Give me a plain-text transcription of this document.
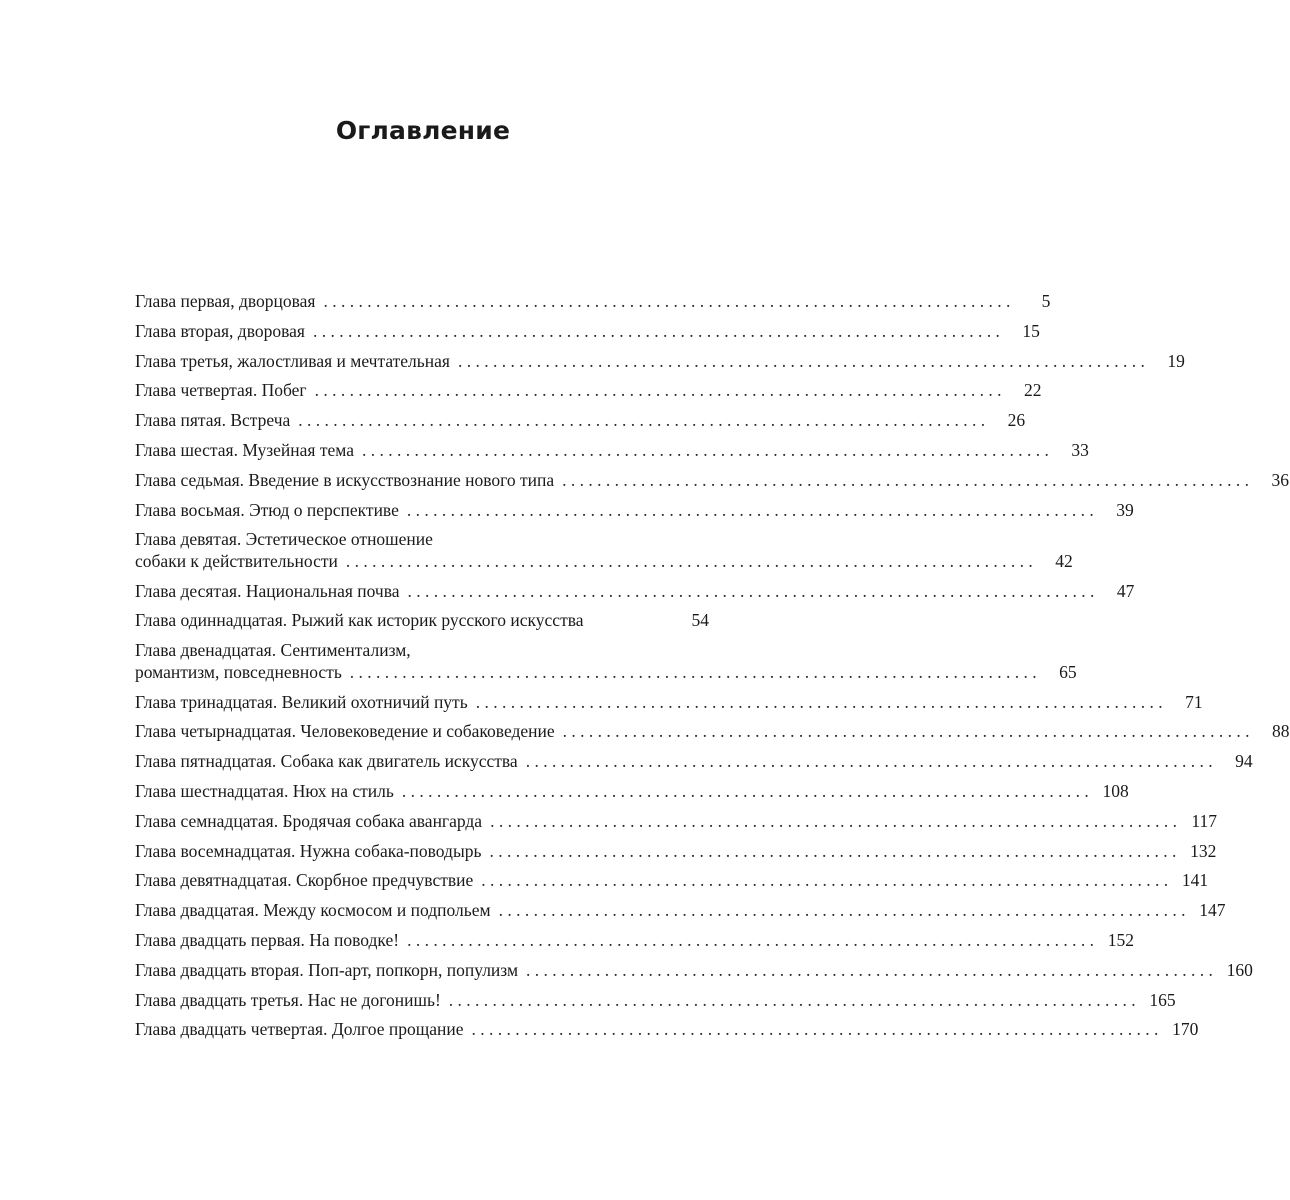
Оглавление
Глава первая, дворцовая . . .	5
Глава вторая, дворовая . . .	15
Глава третья, жалостливая и мечтательная . . .	19
Глава четвертая. Побег . . .	22
Глава пятая. Встреча . . .	26
Глава шестая. Музейная тема . . .	33
Глава седьмая. Введение в искусствознание нового типа . . .	36
Глава восьмая. Этюд о перспективе . . .	39
Глава девятая. Эстетическое отношение
собаки к действительности . . .	42
Глава десятая. Национальная почва . . .	47
Глава одиннадцатая. Рыжий как историк русского искусства	54
Глава двенадцатая. Сентиментализм,
романтизм, повседневность . . .	65
Глава тринадцатая. Великий охотничий путь . . .	71
Глава четырнадцатая. Человековедение и собаковедение . . .	88
Глава пятнадцатая. Собака как двигатель искусства . . .	94
Глава шестнадцатая. Нюх на стиль . . .	108
Глава семнадцатая. Бродячая собака авангарда . . .	117
Глава восемнадцатая. Нужна собака-поводырь . . .	132
Глава девятнадцатая. Скорбное предчувствие . . .	141
Глава двадцатая. Между космосом и подпольем . . .	147
Глава двадцать первая. На поводке! . . .	152
Глава двадцать вторая. Поп-арт, попкорн, популизм . . .	160
Глава двадцать третья. Нас не догонишь! . . .	165
Глава двадцать четвертая. Долгое прощание . . .	170
